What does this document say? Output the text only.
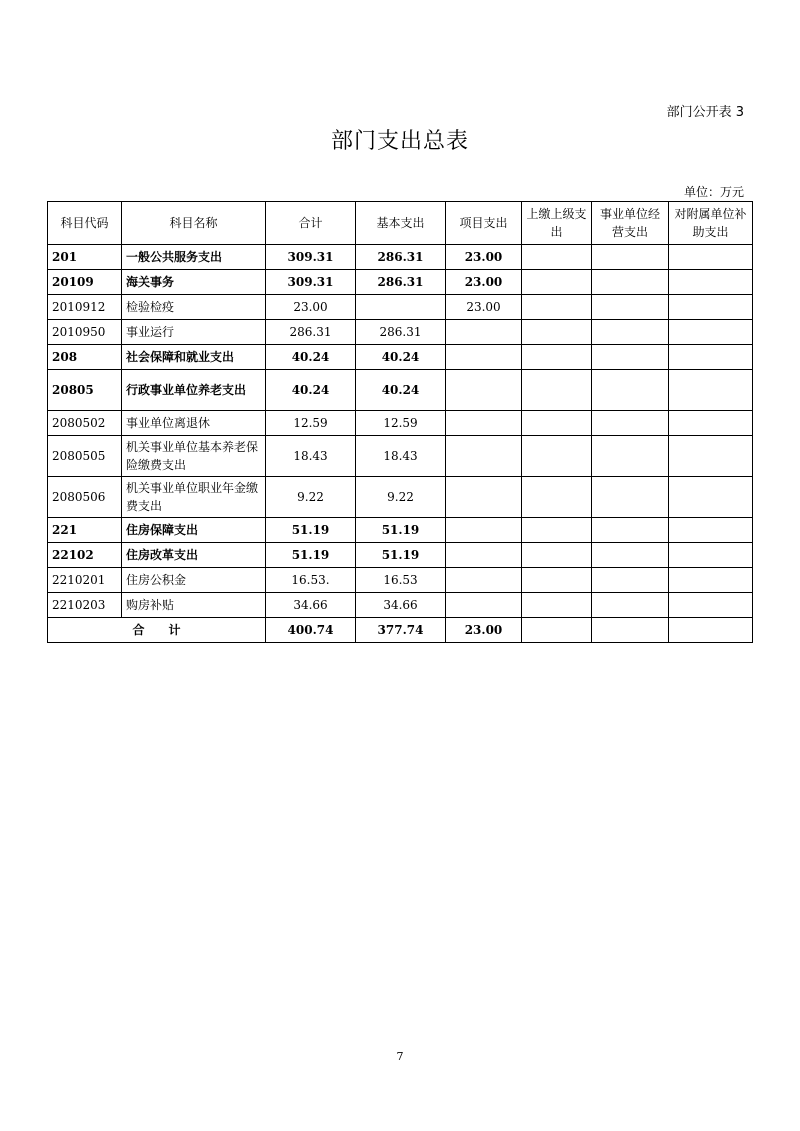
部门公开表 3
部门支出总表
单位：万元
科目代码	科目名称	合计	基本支出	项目支出	上缴上级支出	事业单位经营支出	对附属单位补助支出
201	一般公共服务支出	309.31	286.31	23.00			
20109	海关事务	309.31	286.31	23.00			
2010912	检验检疫	23.00		23.00			
2010950	事业运行	286.31	286.31				
208	社会保障和就业支出	40.24	40.24				
20805	行政事业单位养老支出	40.24	40.24				
2080502	事业单位离退休	12.59	12.59				
2080505	机关事业单位基本养老保险缴费支出	18.43	18.43				
2080506	机关事业单位职业年金缴费支出	9.22	9.22				
221	住房保障支出	51.19	51.19				
22102	住房改革支出	51.19	51.19				
2210201	住房公积金	16.53.	16.53				
2210203	购房补贴	34.66	34.66				
合　　计		400.74	377.74	23.00			
7
